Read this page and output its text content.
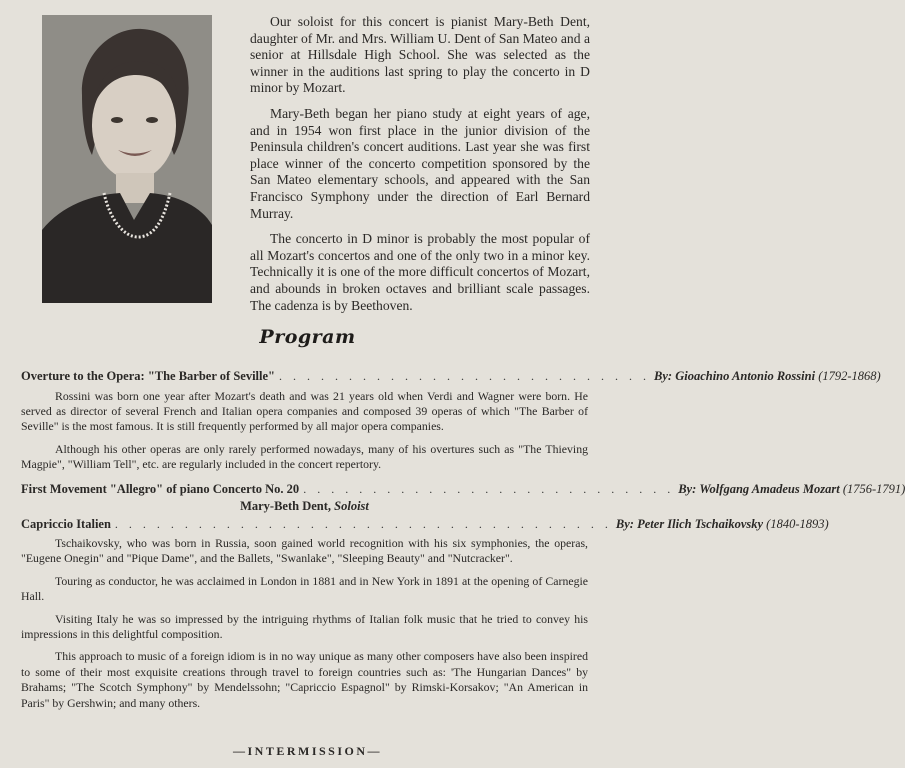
Our soloist for this concert is pianist Mary-Beth Dent, daughter of Mr. and Mrs. William U. Dent of San Mateo and a senior at Hillsdale High School. She was selected as the winner in the auditions last spring to play the concerto in D minor by Mozart.

Mary-Beth began her piano study at eight years of age, and in 1954 won first place in the junior division of the Peninsula children's concert auditions. Last year she was first place winner of the concerto competition sponsored by the San Mateo elementary schools, and appeared with the San Francisco Symphony under the direction of Earl Bernard Murray.

The concerto in D minor is probably the most popular of all Mozart's concertos and one of the only two in a minor key. Technically it is one of the more difficult concertos of Mozart, and abounds in broken octaves and brilliant scale passages. The cadenza is by Beethoven.

Program
Overture to the Opera: "The Barber of Seville" . . . . . . . . . . . . . . . . . . . . . . . . . . . By: Gioachino Antonio Rossini (1792-1868)

Rossini was born one year after Mozart's death and was 21 years old when Verdi and Wagner were born. He served as director of several French and Italian opera companies and composed 39 operas of which "The Barber of Seville" is the most famous. It is still frequently performed by all major opera companies.

Although his other operas are only rarely performed nowadays, many of his overtures such as "The Thieving Magpie", "William Tell", etc. are regularly included in the concert repertory.

First Movement "Allegro" of piano Concerto No. 20 . . . . . . . . . . . . . . . . . . . . . . . . . . . By: Wolfgang Amadeus Mozart (1756-1791)
Mary-Beth Dent, Soloist
Capriccio Italien . . . . . . . . . . . . . . . . . . . . . . . . . . . . . . . . . . . . By: Peter Ilich Tschaikovsky (1840-1893)

Tschaikovsky, who was born in Russia, soon gained world recognition with his six symphonies, the operas, "Eugene Onegin" and "Pique Dame", and the Ballets, "Swanlake", "Sleeping Beauty" and "Nutcracker".

Touring as conductor, he was acclaimed in London in 1881 and in New York in 1891 at the opening of Carnegie Hall.

Visiting Italy he was so impressed by the intriguing rhythms of Italian folk music that he tried to convey his impressions in this delightful composition.

This approach to music of a foreign idiom is in no way unique as many other composers have also been inspired to some of their most exquisite creations through travel to foreign countries such as: 'The Hungarian Dances" by Brahams; "The Scotch Symphony" by Mendelssohn; "Capriccio Espagnol" by Rimski-Korsakov; "An American in Paris" by Gershwin; and many others.

—INTERMISSION—
